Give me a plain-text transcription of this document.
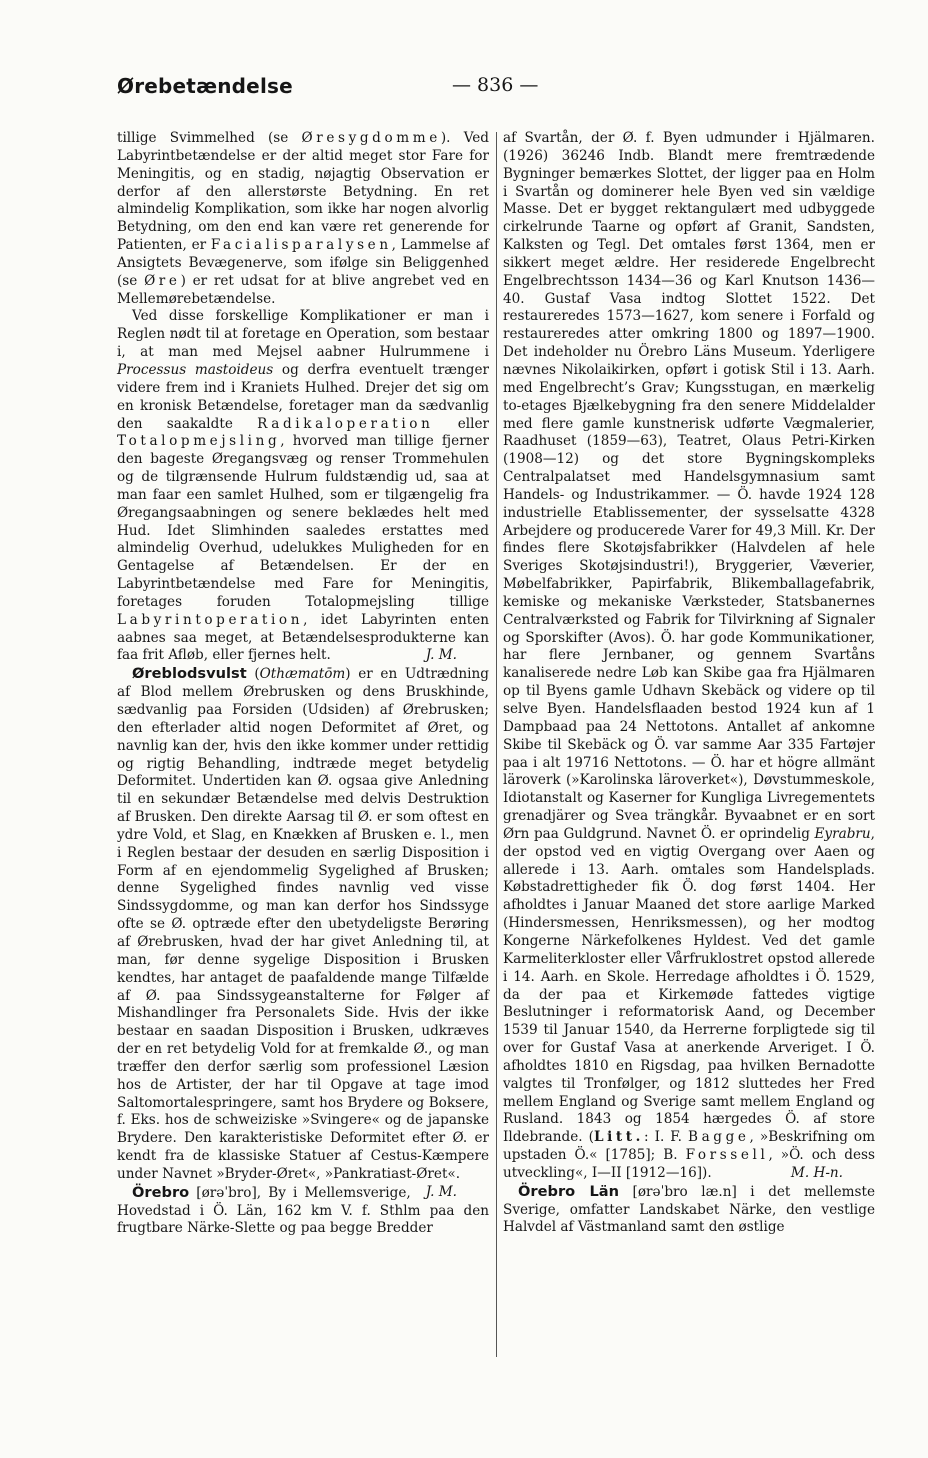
Ørebetændelse	— 836 —

tillige Svimmelhed (se Øresygdomme). Ved Labyrintbetændelse er der altid meget stor Fare for Meningitis, og en stadig, nøjagtig Observation er derfor af den allerstørste Betydning. En ret almindelig Komplikation, som ikke har nogen alvorlig Betydning, om den end kan være ret generende for Patienten, er Facialisparalysen, Lammelse af Ansigtets Bevægenerve, som ifølge sin Beliggenhed (se Øre) er ret udsat for at blive angrebet ved en Mellemørebetændelse.

Ved disse forskellige Komplikationer er man i Reglen nødt til at foretage en Operation, som bestaar i, at man med Mejsel aabner Hulrummene i Processus mastoideus og derfra eventuelt trænger videre frem ind i Kraniets Hulhed. Drejer det sig om en kronisk Betændelse, foretager man da sædvanlig den saakaldte Radikaloperation eller Totalopmejsling, hvorved man tillige fjerner den bageste Øregangsvæg og renser Trommehulen og de tilgrænsende Hulrum fuldstændig ud, saa at man faar een samlet Hulhed, som er tilgængelig fra Øregangsaabningen og senere beklædes helt med Hud. Idet Slimhinden saaledes erstattes med almindelig Overhud, udelukkes Muligheden for en Gentagelse af Betændelsen. Er der en Labyrintbetændelse med Fare for Meningitis, foretages foruden Totalopmejsling tillige Labyrintoperation, idet Labyrinten enten aabnes saa meget, at Betændelsesprodukterne kan faa frit Afløb, eller fjernes helt.	J. M.

Øreblodsvulst (Othæmatōm) er en Udtrædning af Blod mellem Ørebrusken og dens Bruskhinde, sædvanlig paa Forsiden (Udsiden) af Ørebrusken; den efterlader altid nogen Deformitet af Øret, og navnlig kan der, hvis den ikke kommer under rettidig og rigtig Behandling, indtræde meget betydelig Deformitet. Undertiden kan Ø. ogsaa give Anledning til en sekundær Betændelse med delvis Destruktion af Brusken. Den direkte Aarsag til Ø. er som oftest en ydre Vold, et Slag, en Knækken af Brusken e. l., men i Reglen bestaar der desuden en særlig Disposition i Form af en ejendommelig Sygelighed af Brusken; denne Sygelighed findes navnlig ved visse Sindssygdomme, og man kan derfor hos Sindssyge ofte se Ø. optræde efter den ubetydeligste Berøring af Ørebrusken, hvad der har givet Anledning til, at man, før denne sygelige Disposition i Brusken kendtes, har antaget de paafaldende mange Tilfælde af Ø. paa Sindssygeanstalterne for Følger af Mishandlinger fra Personalets Side. Hvis der ikke bestaar en saadan Disposition i Brusken, udkræves der en ret betydelig Vold for at fremkalde Ø., og man træffer den derfor særlig som professionel Læsion hos de Artister, der har til Opgave at tage imod Saltomortalespringere, samt hos Brydere og Boksere, f. Eks. hos de schweiziske »Svingere« og de japanske Brydere. Den karakteristiske Deformitet efter Ø. er kendt fra de klassiske Statuer af Cestus-Kæmpere under Navnet »Bryder-Øret«, »Pankratiast-Øret«.
J. M.

Örebro [ørəˈbro], By i Mellemsverige, Hovedstad i Ö. Län, 162 km V. f. Sthlm paa den frugtbare Närke-Slette og paa begge Bredder

af Svartån, der Ø. f. Byen udmunder i Hjälmaren. (1926) 36246 Indb. Blandt mere fremtrædende Bygninger bemærkes Slottet, der ligger paa en Holm i Svartån og dominerer hele Byen ved sin vældige Masse. Det er bygget rektangulært med udbyggede cirkelrunde Taarne og opført af Granit, Sandsten, Kalksten og Tegl. Det omtales først 1364, men er sikkert meget ældre. Her residerede Engelbrecht Engelbrechtsson 1434—36 og Karl Knutson 1436—40. Gustaf Vasa indtog Slottet 1522. Det restaureredes 1573—1627, kom senere i Forfald og restaureredes atter omkring 1800 og 1897—1900. Det indeholder nu Örebro Läns Museum. Yderligere nævnes Nikolaikirken, opført i gotisk Stil i 13. Aarh. med Engelbrecht’s Grav; Kungsstugan, en mærkelig to-etages Bjælkebygning fra den senere Middelalder med flere gamle kunstnerisk udførte Vægmalerier, Raadhuset (1859—63), Teatret, Olaus Petri-Kirken (1908—12) og det store Bygningskompleks Centralpalatset med Handelsgymnasium samt Handels- og Industrikammer. — Ö. havde 1924 128 industrielle Etablissementer, der sysselsatte 4328 Arbejdere og producerede Varer for 49,3 Mill. Kr. Der findes flere Skotøjsfabrikker (Halvdelen af hele Sveriges Skotøjsindustri!), Bryggerier, Væverier, Møbelfabrikker, Papirfabrik, Blikemballagefabrik, kemiske og mekaniske Værksteder, Statsbanernes Centralværksted og Fabrik for Tilvirkning af Signaler og Sporskifter (Avos). Ö. har gode Kommunikationer, har flere Jernbaner, og gennem Svartåns kanaliserede nedre Løb kan Skibe gaa fra Hjälmaren op til Byens gamle Udhavn Skebäck og videre op til selve Byen. Handelsflaaden bestod 1924 kun af 1 Dampbaad paa 24 Nettotons. Antallet af ankomne Skibe til Skebäck og Ö. var samme Aar 335 Fartøjer paa i alt 19716 Nettotons. — Ö. har et högre allmänt läroverk (»Karolinska läroverket«), Døvstummeskole, Idiotanstalt og Kaserner for Kungliga Livregementets grenadjärer og Svea trängkår. Byvaabnet er en sort Ørn paa Guldgrund. Navnet Ö. er oprindelig Eyrabru, der opstod ved en vigtig Overgang over Aaen og allerede i 13. Aarh. omtales som Handelsplads. Købstadrettigheder fik Ö. dog først 1404. Her afholdtes i Januar Maaned det store aarlige Marked (Hindersmessen, Henriksmessen), og her modtog Kongerne Närkefolkenes Hyldest. Ved det gamle Karmeliterkloster eller Vårfruklostret opstod allerede i 14. Aarh. en Skole. Herredage afholdtes i Ö. 1529, da der paa et Kirkemøde fattedes vigtige Beslutninger i reformatorisk Aand, og December 1539 til Januar 1540, da Herrerne forpligtede sig til over for Gustaf Vasa at anerkende Arveriget. I Ö. afholdtes 1810 en Rigsdag, paa hvilken Bernadotte valgtes til Tronfølger, og 1812 sluttedes her Fred mellem England og Sverige samt mellem England og Rusland. 1843 og 1854 hærgedes Ö. af store Ildebrande. (Litt.: I. F. Bagge, »Beskrifning om upstaden Ö.« [1785]; B. Forssell, »Ö. och dess utveckling«, I—II [1912—16]).	M. H-n.

Örebro Län [ørəˈbro læ.n] i det mellemste Sverige, omfatter Landskabet Närke, den vestlige Halvdel af Västmanland samt den østlige
